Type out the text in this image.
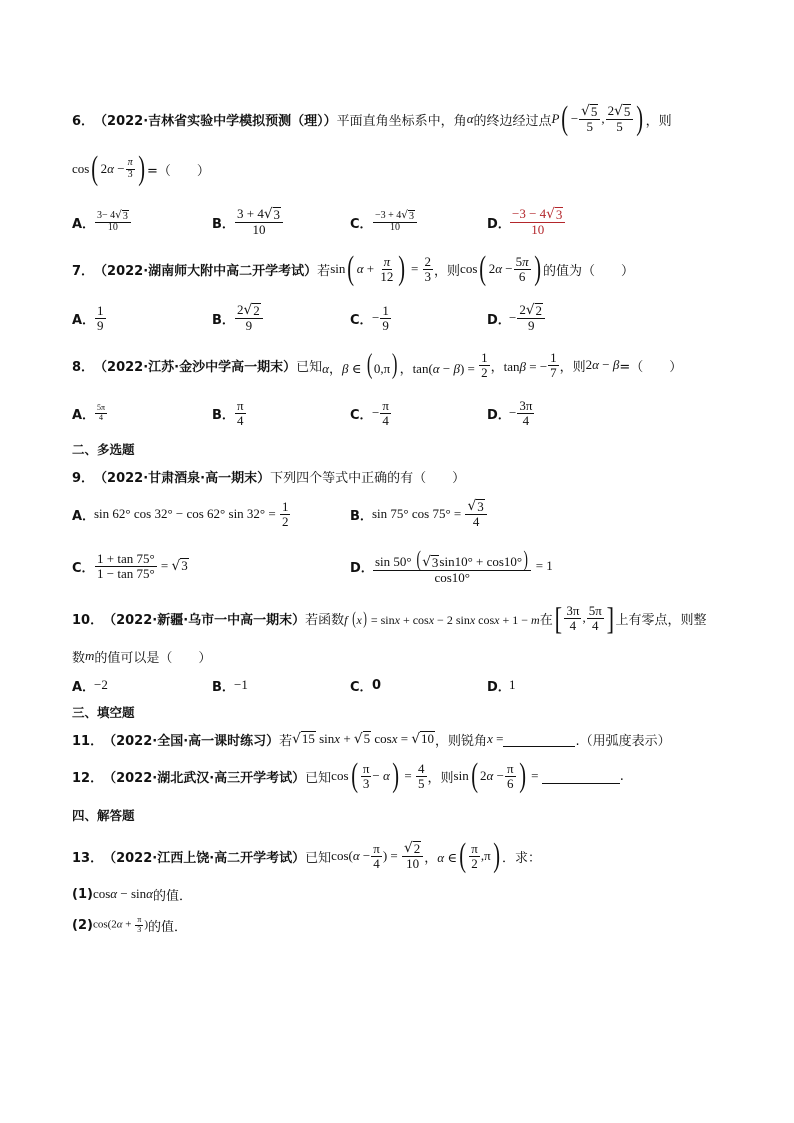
6． （2022·吉林省实验中学模拟预测（理）） 平面直角坐标系中，角 α 的终边经过点 P ( − $\frac{√ 5}{5}$ , $\frac{2 √ 5}{5}$ ) ，则
cos ( $2\alpha - \frac{\pi}{3}$ ) =（　　）
A． $\frac{3- 4 √ 3}{10}$	B． $\frac{3 + 4 √ 3}{10}$	C． $\frac{-3 + 4 √ 3}{10}$	D． $\frac{-3 - 4 √ 3}{10}$
7． （2022·湖南师大附中高二开学考试） 若 sin ( $\alpha + \frac{\pi}{12}$ ) = $\frac{2}{3}$ ，则 cos ( $2\alpha - \frac{5\pi}{6}$ ) 的值为（　　）
A． $\frac{1}{9}$	B． $\frac{2 √ 2}{9}$	C． − $\frac{1}{9}$	D．
− $\frac{2 √ 2}{9}$
8． （2022·江苏·金沙中学高一期末） 已知 α，β ∈ ( 0,π) ，$\tan(\alpha - \beta) = \frac{1}{2}$ ，tanβ = − $\frac{1}{7}$ ，则 2α − β =（　　）
A． $\frac{5\pi}{4}$	B． $\frac{\pi}{4}$	C． − $\frac{\pi}{4}$	D．
− $\frac{3\pi}{4}$
二、多选题
9． （2022·甘肃酒泉·高一期末） 下列四个等式中正确的有（　　）
A．
sin 62° cos 32° − cos 62° $\sin 32^\circ = \frac{1}{2}$	B． sin 75° $\cos 75^\circ = \frac{√ 3}{4}$
C． $\frac{1 + \tan 75^\circ}{1 - \tan 75^\circ}$ = √ 3	D． $\frac{\sin 50^\circ ( √ 3 \sin 10^\circ + \cos 10^\circ)}{\cos 10^\circ} = 1$
10． （2022·新疆·乌市一中高一期末） 若函数 f (x) = sinx + cosx − 2 sinx cosx + 1 − m 在 [ $\frac{3\pi}{4}$ , $\frac{5\pi}{4}$ ] 上有零点，则整
数 m 的值可以是（　　）
A．
−2	B． −1	C． 0	D．
1
三、填空题
11． （2022·全国·高一课时练习） 若 √ 15 sinx + √ 5 cosx = √ 10 ，则锐角 x =	.（用弧度表示）
12． （2022·湖北武汉·高三开学考试） 已知 cos ( $\frac{\pi}{3} - \alpha$ ) = $\frac{4}{5}$ ，则 sin ( $2\alpha - \frac{\pi}{6}$ ) =	.
四、解答题
13． （2022·江西上饶·高二开学考试） 已知 $\cos(\alpha - \frac{\pi}{4}$ ) = $\frac{√ 2}{10}$ ，α ∈ ( $\frac{\pi}{2} ,\pi$ ) ．求：
(1) cosα − sinα 的值．
(2) $\cos(2\alpha + \frac{\pi}{3}$ ) 的值．
